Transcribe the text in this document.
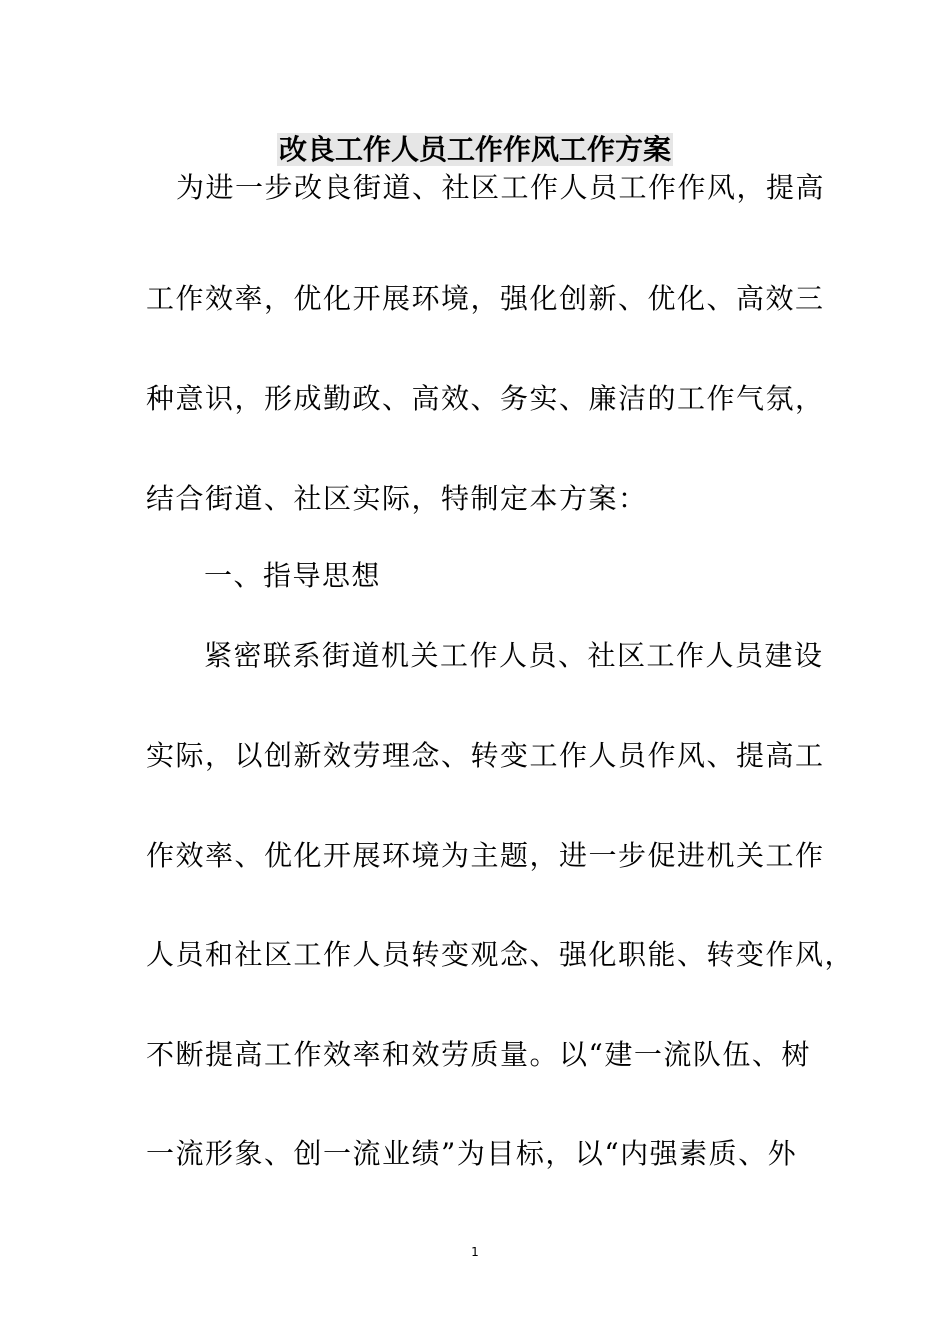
改良工作人员工作作风工作方案

为进一步改良街道、社区工作人员工作作风，提高

工作效率，优化开展环境，强化创新、优化、高效三

种意识，形成勤政、高效、务实、廉洁的工作气氛，

结合街道、社区实际，特制定本方案：

一、指导思想

紧密联系街道机关工作人员、社区工作人员建设

实际，以创新效劳理念、转变工作人员作风、提高工

作效率、优化开展环境为主题，进一步促进机关工作

人员和社区工作人员转变观念、强化职能、转变作风，

不断提高工作效率和效劳质量。以“建一流队伍、树

一流形象、创一流业绩”为目标，以“内强素质、外

1
